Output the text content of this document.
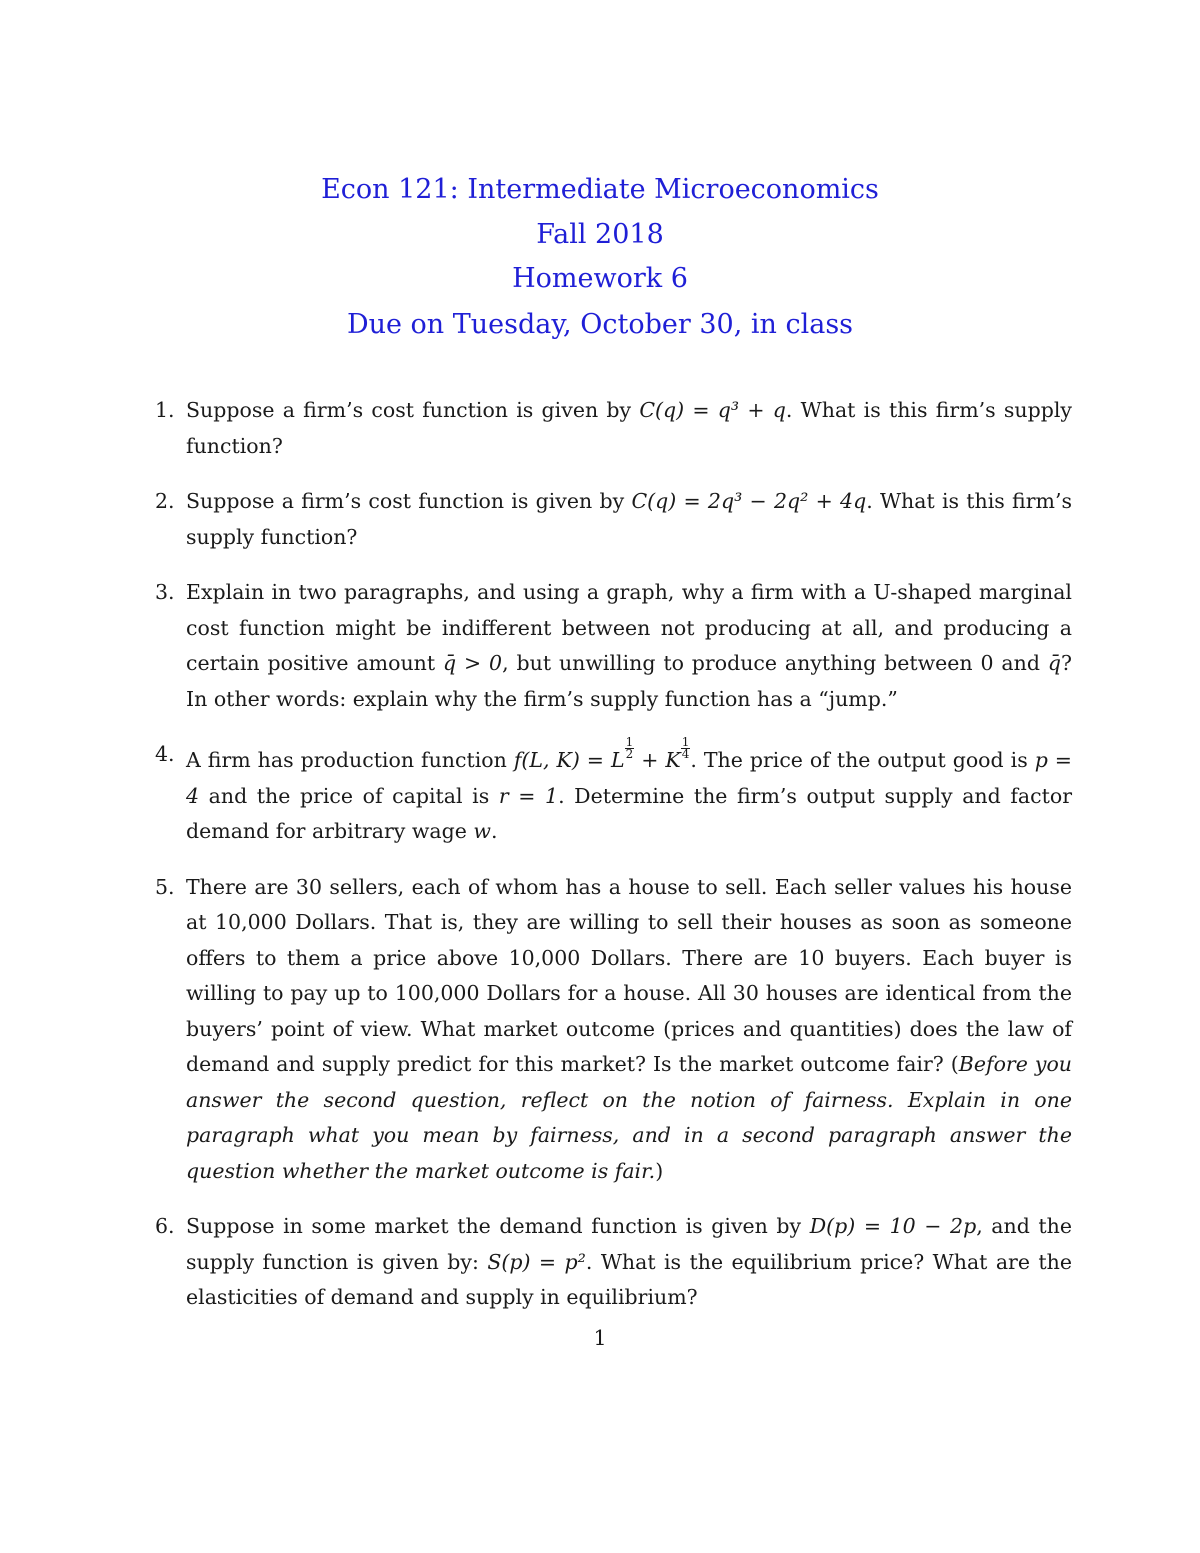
Econ 121: Intermediate Microeconomics
Fall 2018
Homework 6
Due on Tuesday, October 30, in class
1. Suppose a firm’s cost function is given by C(q) = q³ + q. What is this firm’s supply function?
2. Suppose a firm’s cost function is given by C(q) = 2q³ − 2q² + 4q. What is this firm’s supply function?
3. Explain in two paragraphs, and using a graph, why a firm with a U-shaped marginal cost function might be indifferent between not producing at all, and producing a certain positive amount q̄ > 0, but unwilling to produce anything between 0 and q̄? In other words: explain why the firm’s supply function has a “jump.”
4. A firm has production function f(L, K) = L $\frac{1}{2} + K \frac{1}{4}$ . The price of the output good is p = 4 and the price of capital is r = 1. Determine the firm’s output supply and factor demand for arbitrary wage w.
5. There are 30 sellers, each of whom has a house to sell. Each seller values his house at 10,000 Dollars. That is, they are willing to sell their houses as soon as someone offers to them a price above 10,000 Dollars. There are 10 buyers. Each buyer is willing to pay up to 100,000 Dollars for a house. All 30 houses are identical from the buyers’ point of view. What market outcome (prices and quantities) does the law of demand and supply predict for this market? Is the market outcome fair? (Before you answer the second question, reflect on the notion of fairness. Explain in one paragraph what you mean by fairness, and in a second paragraph answer the question whether the market outcome is fair.)
6. Suppose in some market the demand function is given by D(p) = 10 − 2p, and the supply function is given by: S(p) = p². What is the equilibrium price? What are the elasticities of demand and supply in equilibrium?
1
